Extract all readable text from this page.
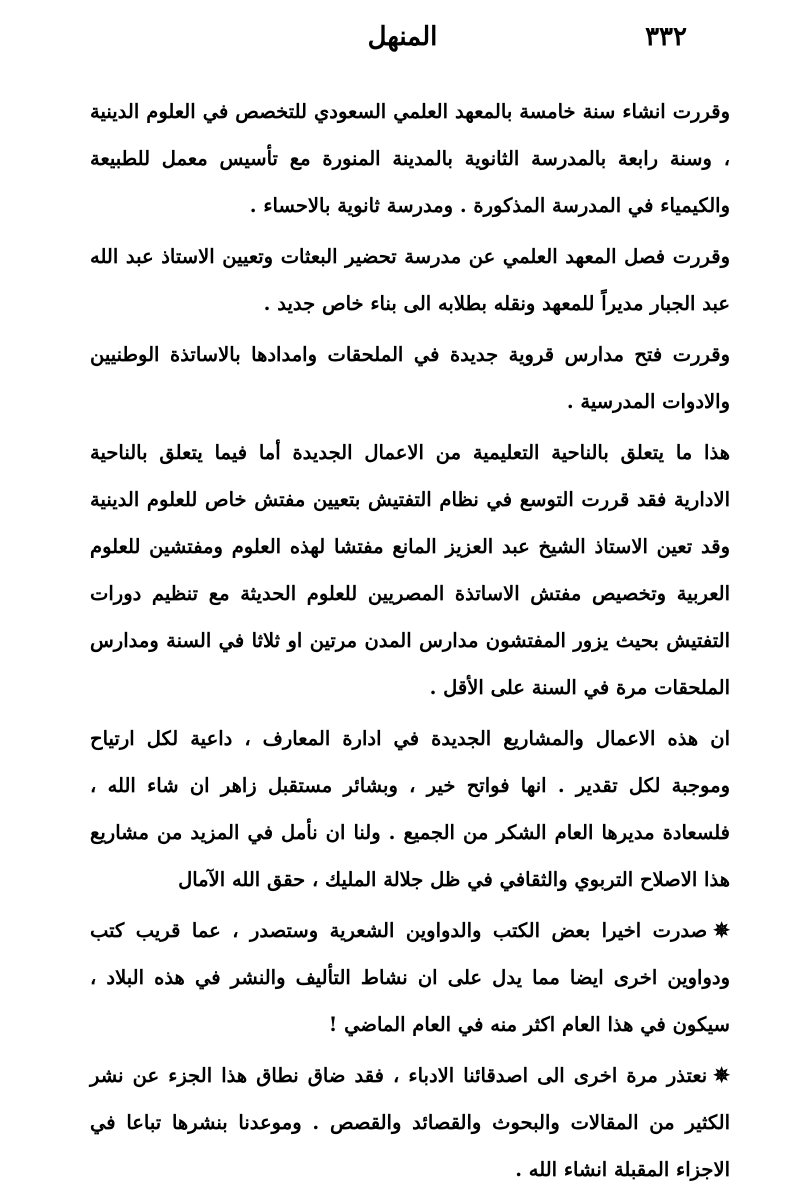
المنهل	٣٣٢

وقررت انشاء سنة خامسة بالمعهد العلمي السعودي للتخصص في العلوم الدينية ، وسنة رابعة بالمدرسة الثانوية بالمدينة المنورة مع تأسيس معمل للطبيعة والكيمياء في المدرسة المذكورة . ومدرسة ثانوية بالاحساء .

وقررت فصل المعهد العلمي عن مدرسة تحضير البعثات وتعيين الاستاذ عبد الله عبد الجبار مديراً للمعهد ونقله بطلابه الى بناء خاص جديد .

وقررت فتح مدارس قروية جديدة في الملحقات وامدادها بالاساتذة الوطنيين والادوات المدرسية .

هذا ما يتعلق بالناحية التعليمية من الاعمال الجديدة أما فيما يتعلق بالناحية الادارية فقد قررت التوسع في نظام التفتيش بتعيين مفتش خاص للعلوم الدينية وقد تعين الاستاذ الشيخ عبد العزيز المانع مفتشا لهذه العلوم ومفتشين للعلوم العربية وتخصيص مفتش الاساتذة المصريين للعلوم الحديثة مع تنظيم دورات التفتيش بحيث يزور المفتشون مدارس المدن مرتين او ثلاثا في السنة ومدارس الملحقات مرة في السنة على الأقل .

ان هذه الاعمال والمشاريع الجديدة في ادارة المعارف ، داعية لكل ارتياح وموجبة لكل تقدير . انها فواتح خير ، وبشائر مستقبل زاهر ان شاء الله ، فلسعادة مديرها العام الشكر من الجميع . ولنا ان نأمل في المزيد من مشاريع هذا الاصلاح التربوي والثقافي في ظل جلالة المليك ، حقق الله الآمال

✵صدرت اخيرا بعض الكتب والدواوين الشعرية وستصدر ، عما قريب كتب ودواوين اخرى ايضا مما يدل على ان نشاط التأليف والنشر في هذه البلاد ، سيكون في هذا العام اكثر منه في العام الماضي !

✵نعتذر مرة اخرى الى اصدقائنا الادباء ، فقد ضاق نطاق هذا الجزء عن نشر الكثير من المقالات والبحوث والقصائد والقصص . وموعدنا بنشرها تباعا في الاجزاء المقبلة انشاء الله .
